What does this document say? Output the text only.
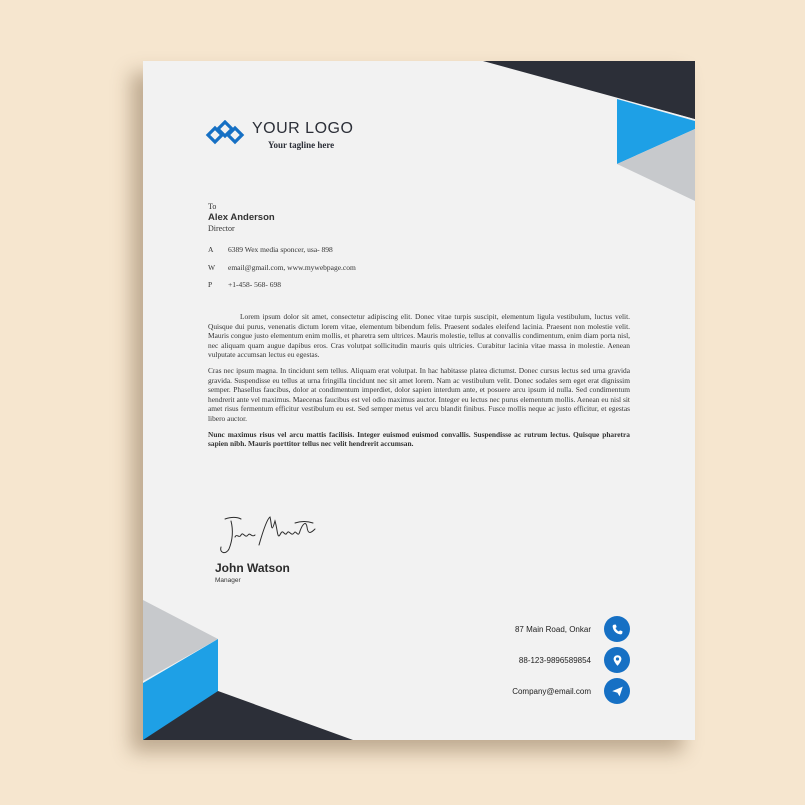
YOUR LOGO
Your tagline here
To
Alex Anderson
Director
A	6389 Wex media sponcer, usa- 898
W	email@gmail.com, www.mywebpage.com
P	+1-458- 568- 698

Lorem ipsum dolor sit amet, consectetur adipiscing elit. Donec vitae turpis suscipit, elementum ligula vestibulum, luctus velit. Quisque dui purus, venenatis dictum lorem vitae, elementum bibendum felis. Praesent sodales eleifend lacinia. Praesent non molestie velit. Mauris congue justo elementum enim mollis, et pharetra sem ultrices. Mauris molestie, tellus at convallis condimentum, enim diam porta nisl, nec aliquam quam augue dapibus eros. Cras volutpat sollicitudin mauris quis ultricies. Curabitur lacinia vitae massa in molestie. Aenean vulputate accumsan lectus eu egestas.

Cras nec ipsum magna. In tincidunt sem tellus. Aliquam erat volutpat. In hac habitasse platea dictumst. Donec cursus lectus sed urna gravida gravida. Suspendisse eu tellus at urna fringilla tincidunt nec sit amet lorem. Nam ac vestibulum velit. Donec sodales sem eget erat dignissim semper. Phasellus faucibus, dolor at condimentum imperdiet, dolor sapien interdum ante, et posuere arcu ipsum id nulla. Sed condimentum hendrerit ante vel maximus. Maecenas faucibus est vel odio maximus auctor. Integer eu lectus nec purus elementum mollis. Aenean eu nisl sit amet risus fermentum efficitur vestibulum eu est. Sed semper metus vel arcu blandit finibus. Fusce mollis neque ac justo efficitur, et egestas libero auctor.

Nunc maximus risus vel arcu mattis facilisis. Integer euismod euismod convallis. Suspendisse ac rutrum lectus. Quisque pharetra sapien nibh. Mauris porttitor tellus nec velit hendrerit accumsan.

John Watson
Manager
87 Main Road, Onkar
88-123-9896589854
Company@email.com
